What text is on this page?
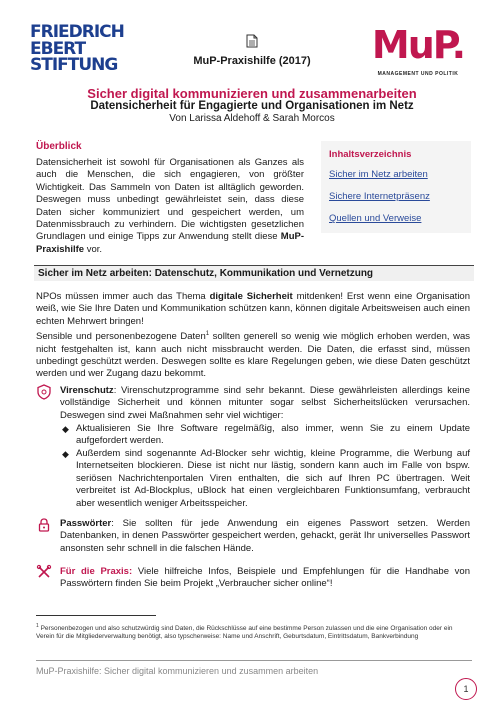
FRIEDRICH
EBERT
STIFTUNG	MuP-Praxishilfe (2017)	MuP.
MANAGEMENT UND POLITIK
Sicher digital kommunizieren und zusammenarbeiten
Datensicherheit für Engagierte und Organisationen im Netz
Von Larissa Aldehoff & Sarah Morcos
Überblick
Datensicherheit ist sowohl für Organisationen als Ganzes als auch die Menschen, die sich engagieren, von größter Wichtigkeit. Das Sammeln von Daten ist alltäglich geworden. Deswegen muss unbedingt gewährleistet sein, dass diese Daten sicher kommuniziert und gespeichert werden, um Datenmissbrauch zu verhindern. Die wichtigsten gesetzlichen Grundlagen und einige Tipps zur Anwendung stellt diese MuP-Praxishilfe vor.
Inhaltsverzeichnis
Sicher im Netz arbeiten
Sichere Internetpräsenz
Quellen und Verweise
Sicher im Netz arbeiten: Datenschutz, Kommunikation und Vernetzung
NPOs müssen immer auch das Thema digitale Sicherheit mitdenken! Erst wenn eine Organisation weiß, wie Sie Ihre Daten und Kommunikation schützen kann, können digitale Arbeitsweisen auch einen echten Mehrwert bringen!
Sensible und personenbezogene Daten$^1$ sollten generell so wenig wie möglich erhoben werden, was nicht festgehalten ist, kann auch nicht missbraucht werden. Die Daten, die erfasst sind, müssen unbedingt geschützt werden. Deswegen sollte es klare Regelungen geben, wie diese Daten geschützt werden und wer Zugang dazu bekommt.
Virenschutz: Virenschutzprogramme sind sehr bekannt. Diese gewährleisten allerdings keine vollständige Sicherheit und können mitunter sogar selbst Sicherheitslücken verursachen. Deswegen sind zwei Maßnahmen sehr viel wichtiger:
◆ Aktualisieren Sie Ihre Software regelmäßig, also immer, wenn Sie zu einem Update aufgefordert werden.
◆ Außerdem sind sogenannte Ad-Blocker sehr wichtig, kleine Programme, die Werbung auf Internetseiten blockieren. Diese ist nicht nur lästig, sondern kann auch im Falle von bspw. seriösen Nachrichtenportalen Viren enthalten, die sich auf Ihren PC übertragen. Weit verbreitet ist Ad-Blockplus, uBlock hat einen vergleichbaren Funktionsumfang, verbraucht aber wesentlich weniger Arbeitsspeicher.
Passwörter: Sie sollten für jede Anwendung ein eigenes Passwort setzen. Werden Datenbanken, in denen Passwörter gespeichert werden, gehackt, gerät Ihr universelles Passwort ansonsten sehr schnell in die falschen Hände.
Für die Praxis: Viele hilfreiche Infos, Beispiele und Empfehlungen für die Handhabe von Passwörtern finden Sie beim Projekt „Verbraucher sicher online“!
$^1$ Personenbezogen und also schutzwürdig sind Daten, die Rückschlüsse auf eine bestimme Person zulassen und die eine Organisation oder ein Verein für die Mitgliederverwaltung benötigt, also typscherweise: Name und Anschrift, Geburtsdatum, Eintrittsdatum, Bankverbindung
MuP-Praxishilfe: Sicher digital kommunizieren und zusammen arbeiten
1
